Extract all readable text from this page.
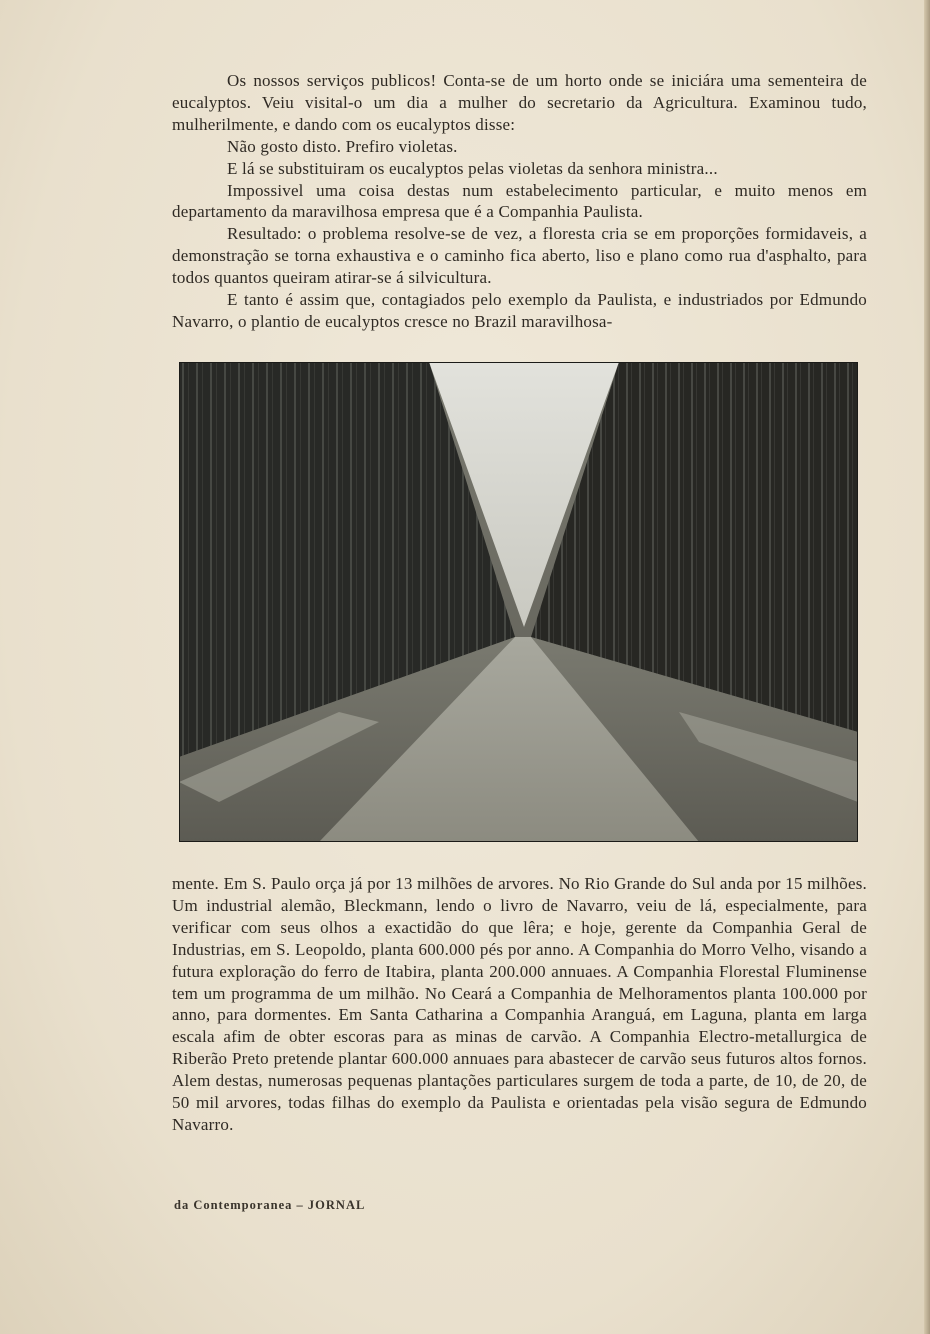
Os nossos serviços publicos! Conta-se de um horto onde se iniciára uma sementeira de eucalyptos. Veiu visital-o um dia a mulher do secretario da Agricultura. Examinou tudo, mulherilmente, e dando com os eucalyptos disse:

Não gosto disto. Prefiro violetas.

E lá se substituiram os eucalyptos pelas violetas da senhora ministra...

Impossivel uma coisa destas num estabelecimento particular, e muito menos em departamento da maravilhosa empresa que é a Companhia Paulista.

Resultado: o problema resolve-se de vez, a floresta cria se em proporções formidaveis, a demonstração se torna exhaustiva e o caminho fica aberto, liso e plano como rua d'asphalto, para todos quantos queiram atirar-se á silvicultura.

E tanto é assim que, contagiados pelo exemplo da Paulista, e industriados por Edmundo Navarro, o plantio de eucalyptos cresce no Brazil maravilhosa-

mente. Em S. Paulo orça já por 13 milhões de arvores. No Rio Grande do Sul anda por 15 milhões. Um industrial alemão, Bleckmann, lendo o livro de Navarro, veiu de lá, especialmente, para verificar com seus olhos a exactidão do que lêra; e hoje, gerente da Companhia Geral de Industrias, em S. Leopoldo, planta 600.000 pés por anno. A Companhia do Morro Velho, visando a futura exploração do ferro de Itabira, planta 200.000 annuaes. A Companhia Florestal Fluminense tem um programma de um milhão. No Ceará a Companhia de Melhoramentos planta 100.000 por anno, para dormentes. Em Santa Catharina a Companhia Aranguá, em Laguna, planta em larga escala afim de obter escoras para as minas de carvão. A Companhia Electro-metallurgica de Riberão Preto pretende plantar 600.000 annuaes para abastecer de carvão seus futuros altos fornos. Alem destas, numerosas pequenas plantações particulares surgem de toda a parte, de 10, de 20, de 50 mil arvores, todas filhas do exemplo da Paulista e orientadas pela visão segura de Edmundo Navarro.

da Contemporanea – JORNAL
